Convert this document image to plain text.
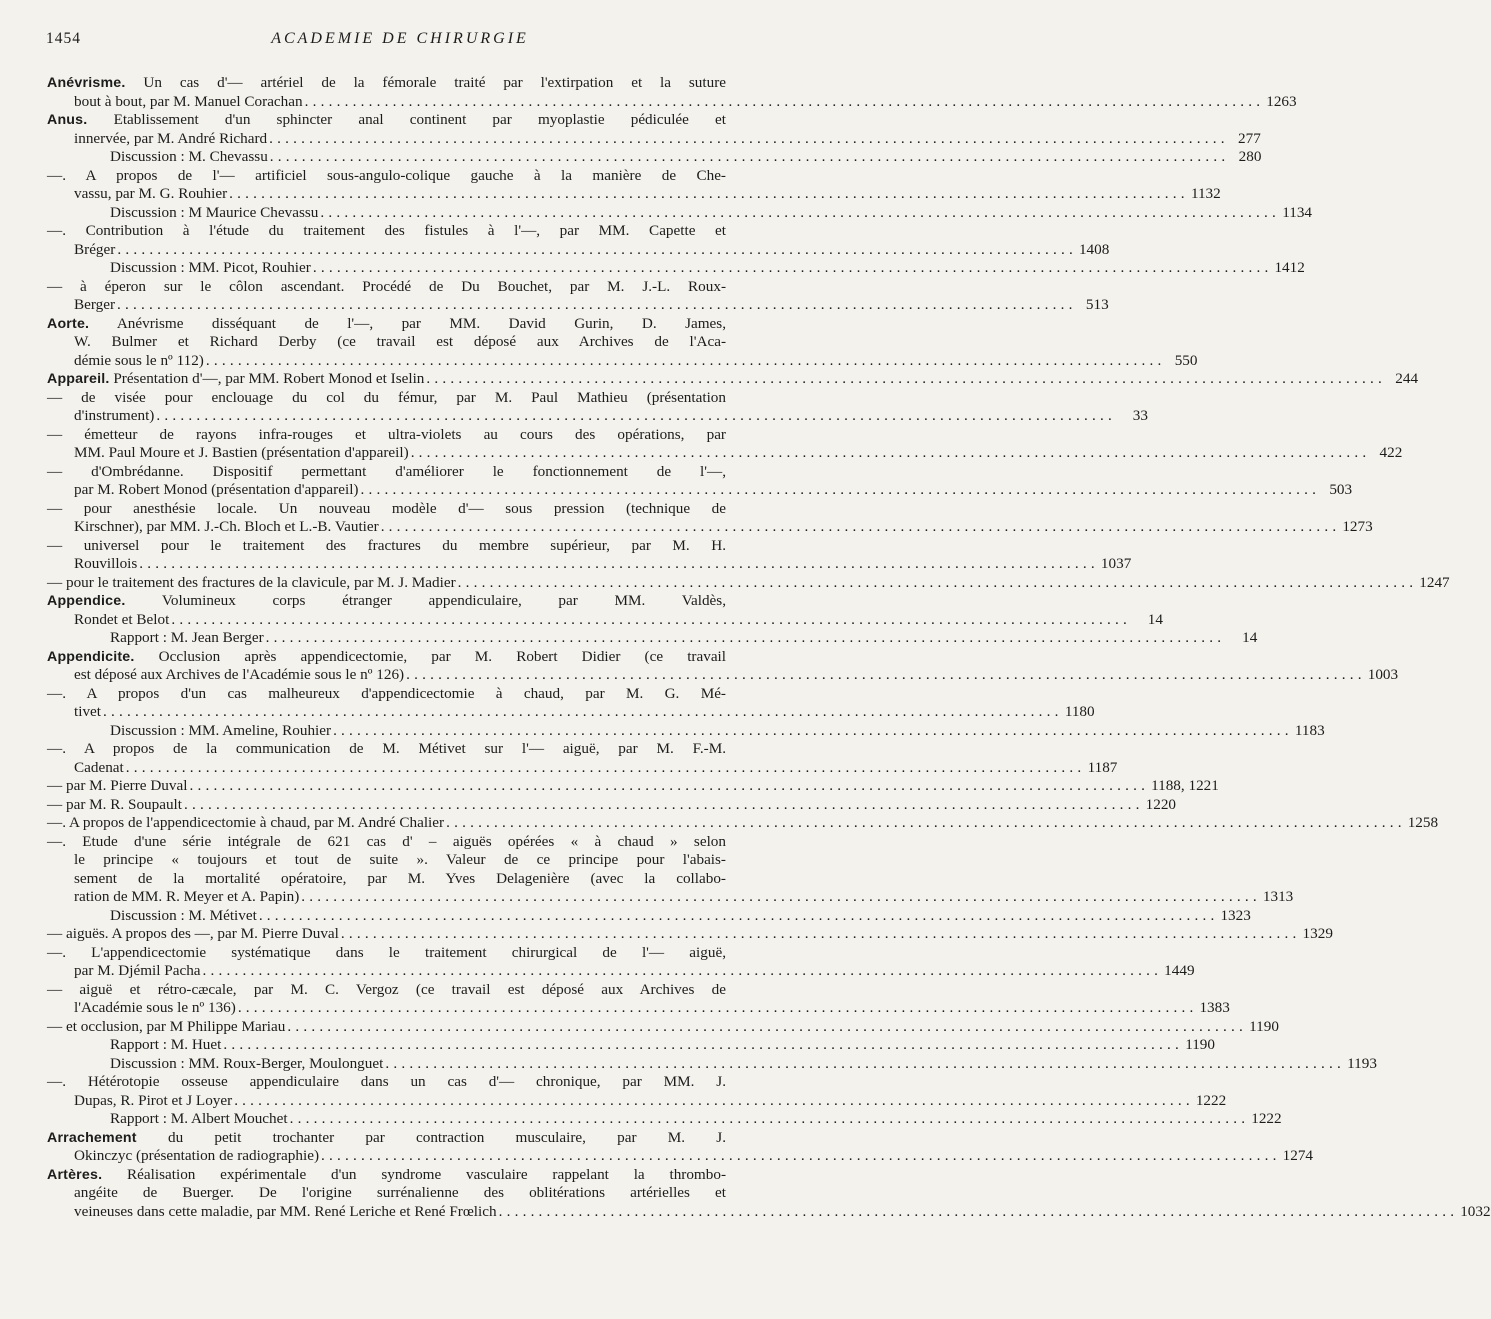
1454	ACADEMIE DE CHIRURGIE
Anévrisme. Un cas d'— artériel de la fémorale traité par l'extirpation et la suture
bout à bout, par M. Manuel Corachan ........................................................................................................................ 1263
Anus. Etablissement d'un sphincter anal continent par myoplastie pédiculée et
innervée, par M. André Richard ........................................................................................................................ 277
Discussion : M. Chevassu ........................................................................................................................ 280
—. A propos de l'— artificiel sous-angulo-colique gauche à la manière de Che-
vassu, par M. G. Rouhier ........................................................................................................................ 1132
Discussion : M Maurice Chevassu ........................................................................................................................ 1134
—. Contribution à l'étude du traitement des fistules à l'—, par MM. Capette et
Bréger ........................................................................................................................ 1408
Discussion : MM. Picot, Rouhier ........................................................................................................................ 1412
— à éperon sur le côlon ascendant. Procédé de Du Bouchet, par M. J.-L. Roux-
Berger ........................................................................................................................ 513
Aorte. Anévrisme disséquant de l'—, par MM. David Gurin, D. James,
W. Bulmer et Richard Derby (ce travail est déposé aux Archives de l'Aca-
démie sous le nº 112) ........................................................................................................................ 550
Appareil. Présentation d'—, par MM. Robert Monod et Iselin ........................................................................................................................ 244
— de visée pour enclouage du col du fémur, par M. Paul Mathieu (présentation
d'instrument) ........................................................................................................................	33
— émetteur de rayons infra-rouges et ultra-violets au cours des opérations, par
MM. Paul Moure et J. Bastien (présentation d'appareil) ........................................................................................................................ 422
— d'Ombrédanne. Dispositif permettant d'améliorer le fonctionnement de l'—,
par M. Robert Monod (présentation d'appareil) ........................................................................................................................ 503
— pour anesthésie locale. Un nouveau modèle d'— sous pression (technique de
Kirschner), par MM. J.-Ch. Bloch et L.-B. Vautier ........................................................................................................................ 1273
— universel pour le traitement des fractures du membre supérieur, par M. H.
Rouvillois ........................................................................................................................ 1037
— pour le traitement des fractures de la clavicule, par M. J. Madier ........................................................................................................................ 1247
Appendice. Volumineux corps étranger appendiculaire, par MM. Valdès,
Rondet et Belot ........................................................................................................................	14
Rapport : M. Jean Berger ........................................................................................................................	14
Appendicite. Occlusion après appendicectomie, par M. Robert Didier (ce travail
est déposé aux Archives de l'Académie sous le nº 126) ........................................................................................................................ 1003
—. A propos d'un cas malheureux d'appendicectomie à chaud, par M. G. Mé-
tivet ........................................................................................................................ 1180
Discussion : MM. Ameline, Rouhier ........................................................................................................................ 1183
—. A propos de la communication de M. Métivet sur l'— aiguë, par M. F.-M.
Cadenat ........................................................................................................................ 1187
— par M. Pierre Duval ........................................................................................................................ 1188, 1221
— par M. R. Soupault ........................................................................................................................ 1220
—. A propos de l'appendicectomie à chaud, par M. André Chalier ........................................................................................................................ 1258
—. Etude d'une série intégrale de 621 cas d' – aiguës opérées « à chaud » selon
le principe « toujours et tout de suite ». Valeur de ce principe pour l'abais-
sement de la mortalité opératoire, par M. Yves Delagenière (avec la collabo-
ration de MM. R. Meyer et A. Papin) ........................................................................................................................ 1313
Discussion : M. Métivet ........................................................................................................................ 1323
— aiguës. A propos des —, par M. Pierre Duval ........................................................................................................................ 1329
—. L'appendicectomie systématique dans le traitement chirurgical de l'— aiguë,
par M. Djémil Pacha ........................................................................................................................ 1449
— aiguë et rétro-cæcale, par M. C. Vergoz (ce travail est déposé aux Archives de
l'Académie sous le nº 136) ........................................................................................................................ 1383
— et occlusion, par M Philippe Mariau ........................................................................................................................ 1190
Rapport : M. Huet ........................................................................................................................ 1190
Discussion : MM. Roux-Berger, Moulonguet ........................................................................................................................ 1193
—. Hétérotopie osseuse appendiculaire dans un cas d'— chronique, par MM. J.
Dupas, R. Pirot et J Loyer ........................................................................................................................ 1222
Rapport : M. Albert Mouchet ........................................................................................................................ 1222
Arrachement du petit trochanter par contraction musculaire, par M. J.
Okinczyc (présentation de radiographie) ........................................................................................................................ 1274
Artères. Réalisation expérimentale d'un syndrome vasculaire rappelant la thrombo-
angéite de Buerger. De l'origine surrénalienne des oblitérations artérielles et
veineuses dans cette maladie, par MM. René Leriche et René Frœlich ........................................................................................................................ 1032
